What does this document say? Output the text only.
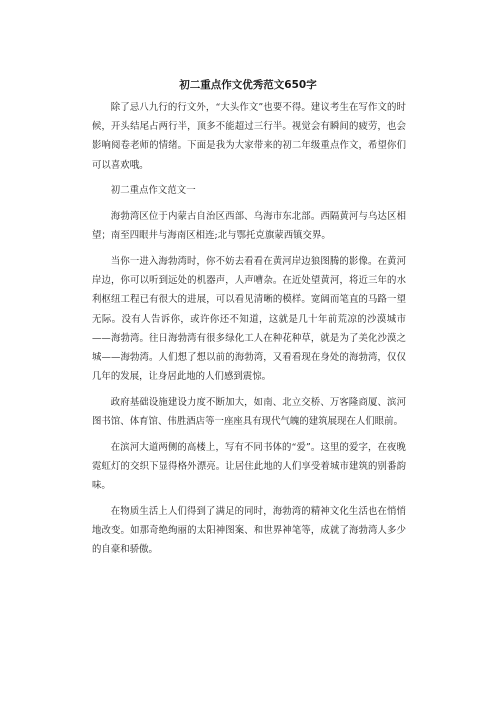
初二重点作文优秀范文650字

除了忌八九行的行文外，“大头作文”也要不得。建议考生在写作文的时候，开头结尾占两行半，顶多不能超过三行半。视觉会有瞬间的疲劳，也会影响阅卷老师的情绪。下面是我为大家带来的初二年级重点作文，希望你们可以喜欢哦。

初二重点作文范文一

海勃湾区位于内蒙古自治区西部、乌海市东北部。西隔黄河与乌达区相望；南至四眼井与海南区相连;北与鄂托克旗蒙西镇交界。

当你一进入海勃湾时，你不妨去看看在黄河岸边狼图腾的影像。在黄河岸边，你可以听到远处的机器声，人声嘈杂。在近处望黄河，将近三年的水利枢纽工程已有很大的进展，可以看见清晰的模样。宽阔而笔直的马路一望无际。没有人告诉你，或许你还不知道，这就是几十年前荒凉的沙漠城市——海勃湾。往日海勃湾有很多绿化工人在种花种草，就是为了美化沙漠之城——海勃湾。人们想了想以前的海勃湾，又看看现在身处的海勃湾，仅仅几年的发展，让身居此地的人们感到震惊。

政府基础设施建设力度不断加大，如南、北立交桥、万客隆商厦、滨河图书馆、体育馆、伟胜酒店等一座座具有现代气魄的建筑展现在人们眼前。

在滨河大道两侧的高楼上，写有不同书体的“爱”。这里的爱字，在夜晚霓虹灯的交织下显得格外漂亮。让居住此地的人们享受着城市建筑的别番韵味。

在物质生活上人们得到了满足的同时，海勃湾的精神文化生活也在悄悄地改变。如那奇绝绚丽的太阳神图案、和世界神笔等，成就了海勃湾人多少的自豪和骄傲。
